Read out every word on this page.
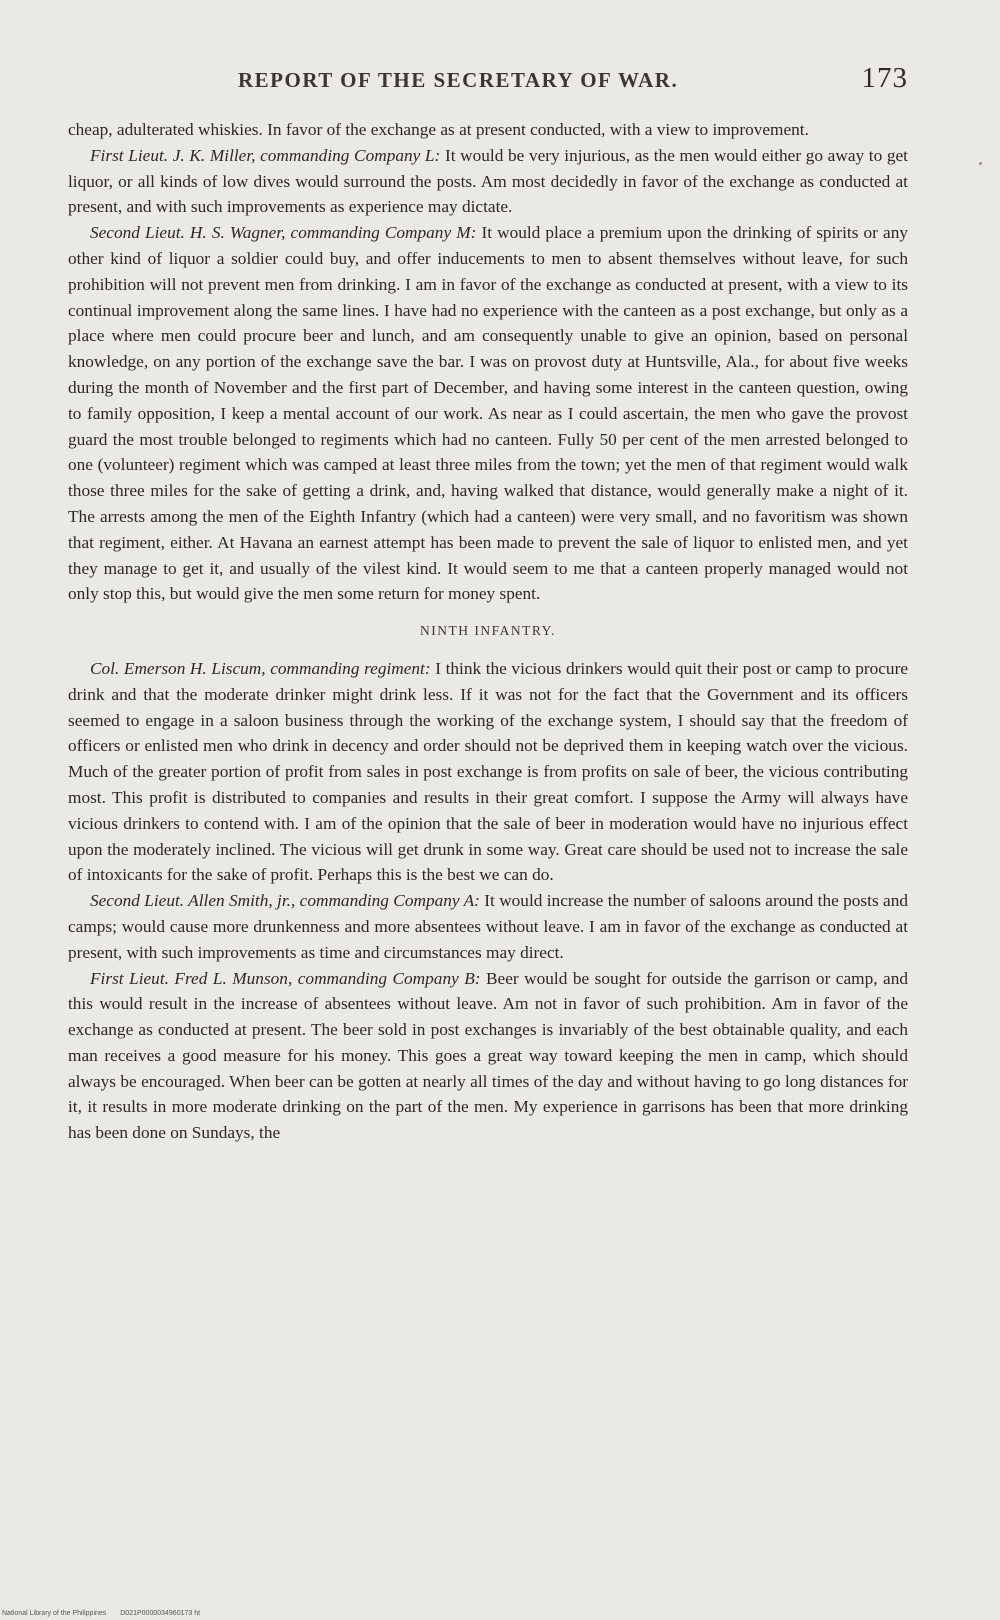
REPORT OF THE SECRETARY OF WAR.	173

cheap, adulterated whiskies. In favor of the exchange as at present conducted, with a view to improvement.

First Lieut. J. K. Miller, commanding Company L: It would be very injurious, as the men would either go away to get liquor, or all kinds of low dives would surround the posts. Am most decidedly in favor of the exchange as conducted at present, and with such improvements as experience may dictate.

Second Lieut. H. S. Wagner, commanding Company M: It would place a premium upon the drinking of spirits or any other kind of liquor a soldier could buy, and offer inducements to men to absent themselves without leave, for such prohibition will not prevent men from drinking. I am in favor of the exchange as conducted at present, with a view to its continual improvement along the same lines. I have had no experience with the canteen as a post exchange, but only as a place where men could procure beer and lunch, and am consequently unable to give an opinion, based on personal knowledge, on any portion of the exchange save the bar. I was on provost duty at Huntsville, Ala., for about five weeks during the month of November and the first part of December, and having some interest in the canteen question, owing to family opposition, I keep a mental account of our work. As near as I could ascertain, the men who gave the provost guard the most trouble belonged to regiments which had no canteen. Fully 50 per cent of the men arrested belonged to one (volunteer) regiment which was camped at least three miles from the town; yet the men of that regiment would walk those three miles for the sake of getting a drink, and, having walked that distance, would generally make a night of it. The arrests among the men of the Eighth Infantry (which had a canteen) were very small, and no favoritism was shown that regiment, either. At Havana an earnest attempt has been made to prevent the sale of liquor to enlisted men, and yet they manage to get it, and usually of the vilest kind. It would seem to me that a canteen properly managed would not only stop this, but would give the men some return for money spent.

NINTH INFANTRY.

Col. Emerson H. Liscum, commanding regiment: I think the vicious drinkers would quit their post or camp to procure drink and that the moderate drinker might drink less. If it was not for the fact that the Government and its officers seemed to engage in a saloon business through the working of the exchange system, I should say that the freedom of officers or enlisted men who drink in decency and order should not be deprived them in keeping watch over the vicious. Much of the greater portion of profit from sales in post exchange is from profits on sale of beer, the vicious contributing most. This profit is distributed to companies and results in their great comfort. I suppose the Army will always have vicious drinkers to contend with. I am of the opinion that the sale of beer in moderation would have no injurious effect upon the moderately inclined. The vicious will get drunk in some way. Great care should be used not to increase the sale of intoxicants for the sake of profit. Perhaps this is the best we can do.

Second Lieut. Allen Smith, jr., commanding Company A: It would increase the number of saloons around the posts and camps; would cause more drunkenness and more absentees without leave. I am in favor of the exchange as conducted at present, with such improvements as time and circumstances may direct.

First Lieut. Fred L. Munson, commanding Company B: Beer would be sought for outside the garrison or camp, and this would result in the increase of absentees without leave. Am not in favor of such prohibition. Am in favor of the exchange as conducted at present. The beer sold in post exchanges is invariably of the best obtainable quality, and each man receives a good measure for his money. This goes a great way toward keeping the men in camp, which should always be encouraged. When beer can be gotten at nearly all times of the day and without having to go long distances for it, it results in more moderate drinking on the part of the men. My experience in garrisons has been that more drinking has been done on Sundays, the

National Library of the Philippines D021P0000034960173 ht
